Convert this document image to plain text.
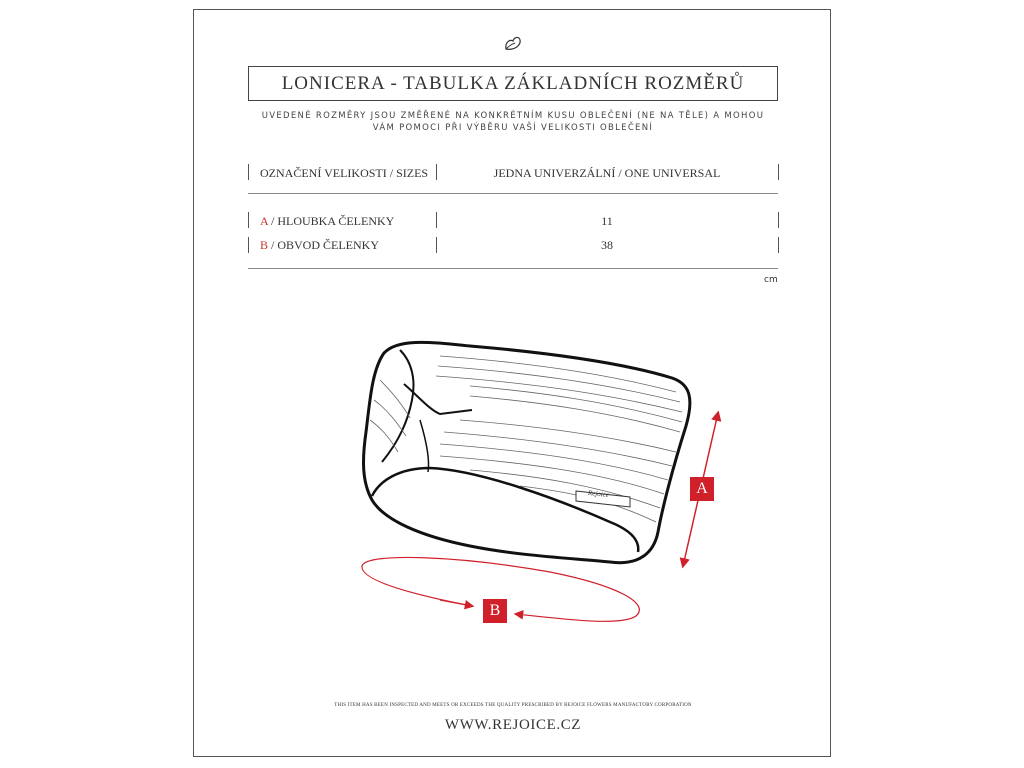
LONICERA - TABULKA ZÁKLADNÍCH ROZMĚRŮ
UVEDENÉ ROZMĚRY JSOU ZMĚŘENÉ NA KONKRÉTNÍM KUSU OBLEČENÍ (NE NA TĚLE) A MOHOU
VÁM POMOCI PŘI VÝBĚRU VAŠÍ VELIKOSTI OBLEČENÍ
OZNAČENÍ VELIKOSTI / SIZES	JEDNA UNIVERZÁLNÍ / ONE UNIVERSAL
A / HLOUBKA ČELENKY	11
B / OBVOD ČELENKY	38
cm
Rejoice	A
B
THIS ITEM HAS BEEN INSPECTED AND MEETS OR EXCEEDS THE QUALITY PRESCRIBED BY REJOICE FLOWERS MANUFACTORY CORPORATION
WWW.REJOICE.CZ
